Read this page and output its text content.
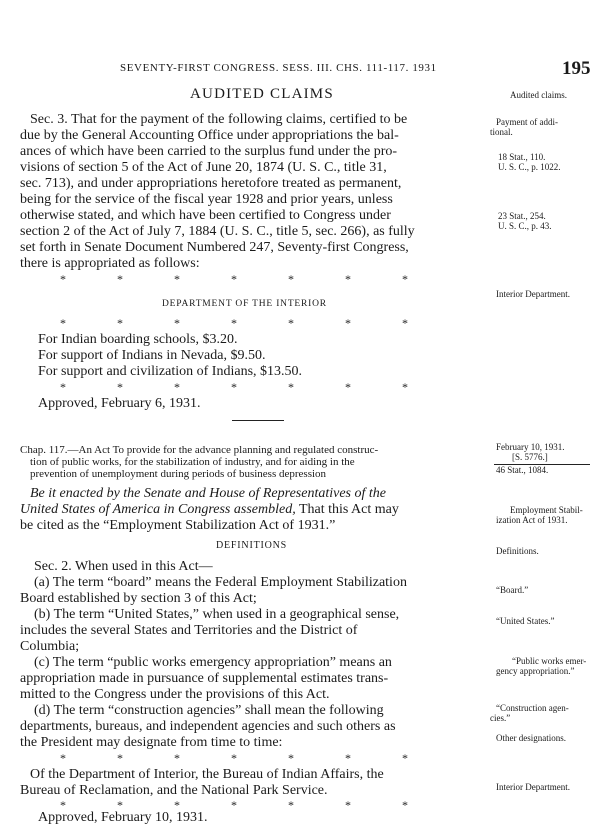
SEVENTY-FIRST CONGRESS. SESS. III. CHS. 111-117. 1931	195
AUDITED CLAIMS
Sec. 3. That for the payment of the following claims, certified to be
due by the General Accounting Office under appropriations the bal-
ances of which have been carried to the surplus fund under the pro-
visions of section 5 of the Act of June 20, 1874 (U. S. C., title 31,
sec. 713), and under appropriations heretofore treated as permanent,
being for the service of the fiscal year 1928 and prior years, unless
otherwise stated, and which have been certified to Congress under
section 2 of the Act of July 7, 1884 (U. S. C., title 5, sec. 266), as fully
set forth in Senate Document Numbered 247, Seventy-first Congress,
there is appropriated as follows:
* * * * * * *
DEPARTMENT OF THE INTERIOR
* * * * * * *
For Indian boarding schools, $3.20.
For support of Indians in Nevada, $9.50.
For support and civilization of Indians, $13.50.
* * * * * * *
Approved, February 6, 1931.
Chap. 117.—An Act To provide for the advance planning and regulated construc-
tion of public works, for the stabilization of industry, and for aiding in the
prevention of unemployment during periods of business depression
Be it enacted by the Senate and House of Representatives of the
United States of America in Congress assembled, That this Act may
be cited as the “Employment Stabilization Act of 1931.”
DEFINITIONS
Sec. 2. When used in this Act—
(a) The term “board” means the Federal Employment Stabilization
Board established by section 3 of this Act;
(b) The term “United States,” when used in a geographical sense,
includes the several States and Territories and the District of
Columbia;
(c) The term “public works emergency appropriation” means an
appropriation made in pursuance of supplemental estimates trans-
mitted to the Congress under the provisions of this Act.
(d) The term “construction agencies” shall mean the following
departments, bureaus, and independent agencies and such others as
the President may designate from time to time:
* * * * * * *
Of the Department of Interior, the Bureau of Indian Affairs, the
Bureau of Reclamation, and the National Park Service.
* * * * * * *
Approved, February 10, 1931.
Audited claims.
Payment of addi-
tional.
18 Stat., 110.
U. S. C., p. 1022.
23 Stat., 254.
U. S. C., p. 43.
Interior Department.
February 10, 1931.
[S. 5776.]
46 Stat., 1084.
Employment Stabil-
ization Act of 1931.
Definitions.
“Board.”
“United States.”
“Public works emer-
gency appropriation.”
“Construction agen-
cies.”
Other designations.
Interior Department.
